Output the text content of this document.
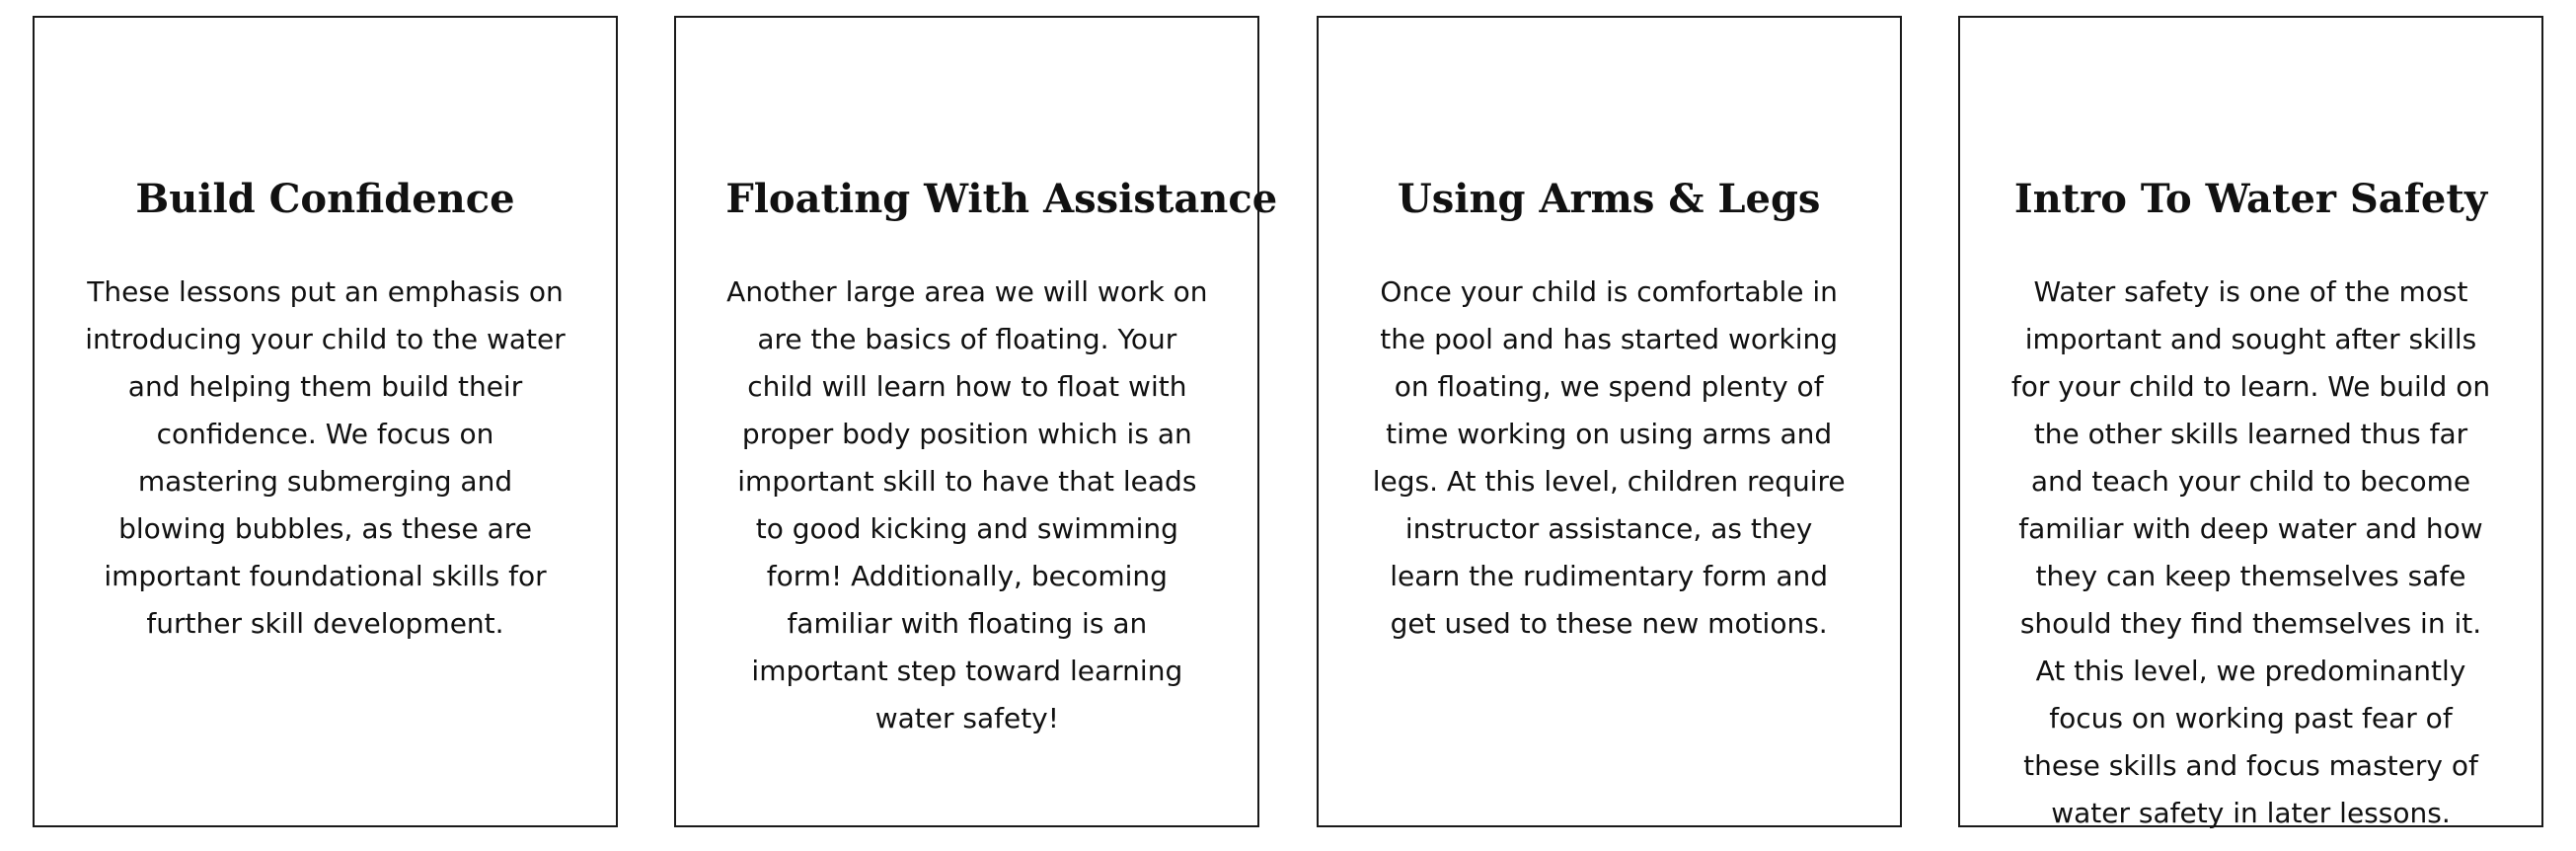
Build Confidence

These lessons put an emphasis on introducing your child to the water and helping them build their confidence. We focus on mastering submerging and blowing bubbles, as these are important foundational skills for further skill development.

Floating With Assistance

Another large area we will work on are the basics of floating. Your child will learn how to float with proper body position which is an important skill to have that leads to good kicking and swimming form! Additionally, becoming familiar with floating is an important step toward learning water safety!

Using Arms & Legs

Once your child is comfortable in the pool and has started working on floating, we spend plenty of time working on using arms and legs. At this level, children require instructor assistance, as they learn the rudimentary form and get used to these new motions.

Intro To Water Safety

Water safety is one of the most important and sought after skills for your child to learn. We build on the other skills learned thus far and teach your child to become familiar with deep water and how they can keep themselves safe should they find themselves in it. At this level, we predominantly focus on working past fear of these skills and focus mastery of water safety in later lessons.
